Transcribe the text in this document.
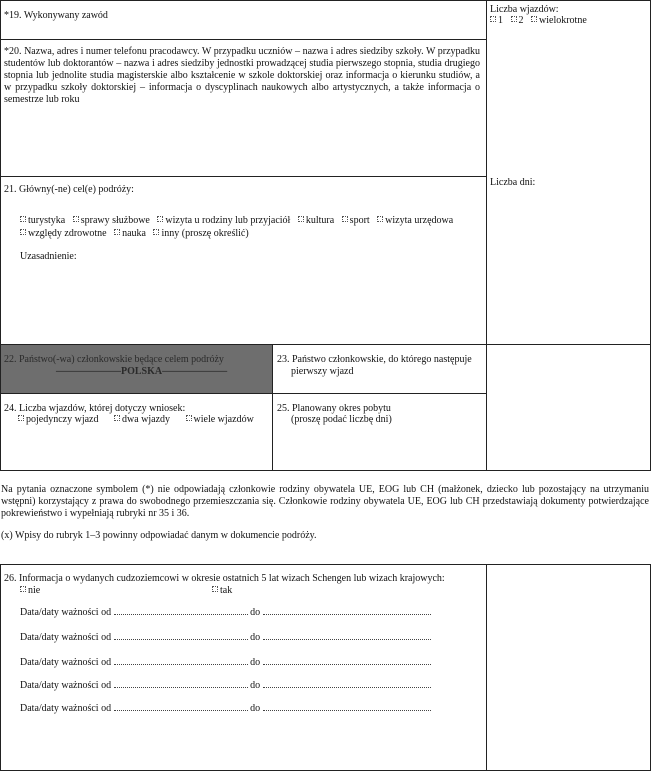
*19. Wykonywany zawód
*20. Nazwa, adres i numer telefonu pracodawcy. W przypadku uczniów – nazwa i adres siedziby szkoły. W przypadku studentów lub doktorantów – nazwa i adres siedziby jednostki prowadzącej studia pierwszego stopnia, studia drugiego stopnia lub jednolite studia magisterskie albo kształcenie w szkole doktorskiej oraz informacja o kierunku studiów, a w przypadku szkoły doktorskiej – informacja o dyscyplinach naukowych albo artystycznych, a także informacja o semestrze lub roku
21. Główny(-ne) cel(e) podróży:
turystyka sprawy służbowe wizyta u rodziny lub przyjaciół kultura sport wizyta urzędowa
względy zdrowotne nauka inny (proszę określić)
Uzasadnienie:
Liczba wjazdów:
1 2 wielokrotne
Liczba dni:
22. Państwo(-wa) członkowskie będące celem podróży
–––––––––––––POLSKA–––––––––––––
23. Państwo członkowskie, do którego następuje
pierwszy wjazd
24. Liczba wjazdów, której dotyczy wniosek:
pojedynczy wjazd dwa wjazdy wiele wjazdów
25. Planowany okres pobytu
(proszę podać liczbę dni)
Na pytania oznaczone symbolem (*) nie odpowiadają członkowie rodziny obywatela UE, EOG lub CH (małżonek, dziecko lub pozostający na utrzymaniu wstępni) korzystający z prawa do swobodnego przemieszczania się. Członkowie rodziny obywatela UE, EOG lub CH przedstawiają dokumenty potwierdzające pokrewieństwo i wypełniają rubryki nr 35 i 36.
(x) Wpisy do rubryk 1–3 powinny odpowiadać danym w dokumencie podróży.
26. Informacja o wydanych cudzoziemcowi w okresie ostatnich 5 lat wizach Schengen lub wizach krajowych:
nie	tak
Data/daty ważności od	do
Data/daty ważności od	do
Data/daty ważności od	do
Data/daty ważności od	do
Data/daty ważności od	do
